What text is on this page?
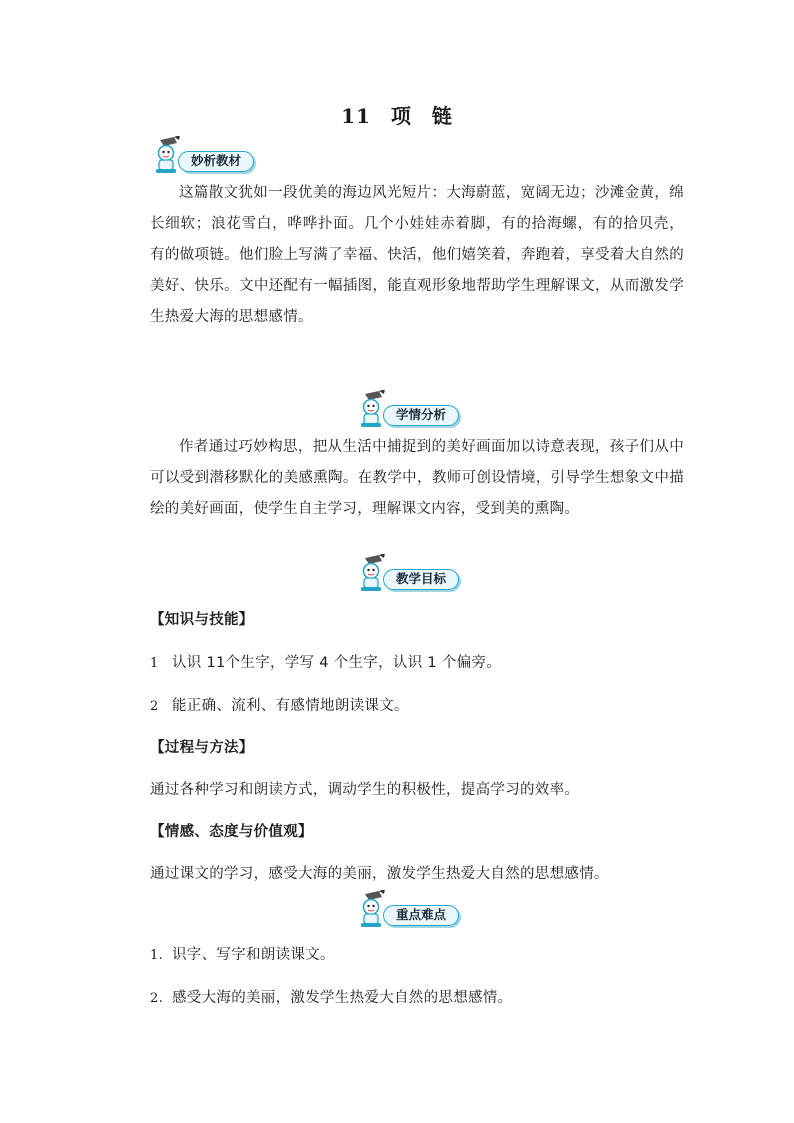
11 项 链
妙析教材
这篇散文犹如一段优美的海边风光短片：大海蔚蓝，宽阔无边；沙滩金黄，绵长细软；浪花雪白，哗哗扑面。几个小娃娃赤着脚，有的拾海螺，有的拾贝壳， 有的做项链。他们脸上写满了幸福、快活，他们嬉笑着，奔跑着，享受着大自然的美好、快乐。文中还配有一幅插图，能直观形象地帮助学生理解课文，从而激发学生热爱大海的思想感情。
学情分析
作者通过巧妙构思，把从生活中捕捉到的美好画面加以诗意表现，孩子们从中可以受到潜移默化的美感熏陶。在教学中，教师可创设情境，引导学生想象文中描绘的美好画面，使学生自主学习，理解课文内容，受到美的熏陶。
教学目标
【知识与技能】
1 认识 11个生字，学写 4 个生字，认识 1 个偏旁。
2 能正确、流利、有感情地朗读课文。
【过程与方法】
通过各种学习和朗读方式，调动学生的积极性，提高学习的效率。
【情感、态度与价值观】
通过课文的学习，感受大海的美丽，激发学生热爱大自然的思想感情。
重点难点
1. 识字、写字和朗读课文。
2. 感受大海的美丽，激发学生热爱大自然的思想感情。
